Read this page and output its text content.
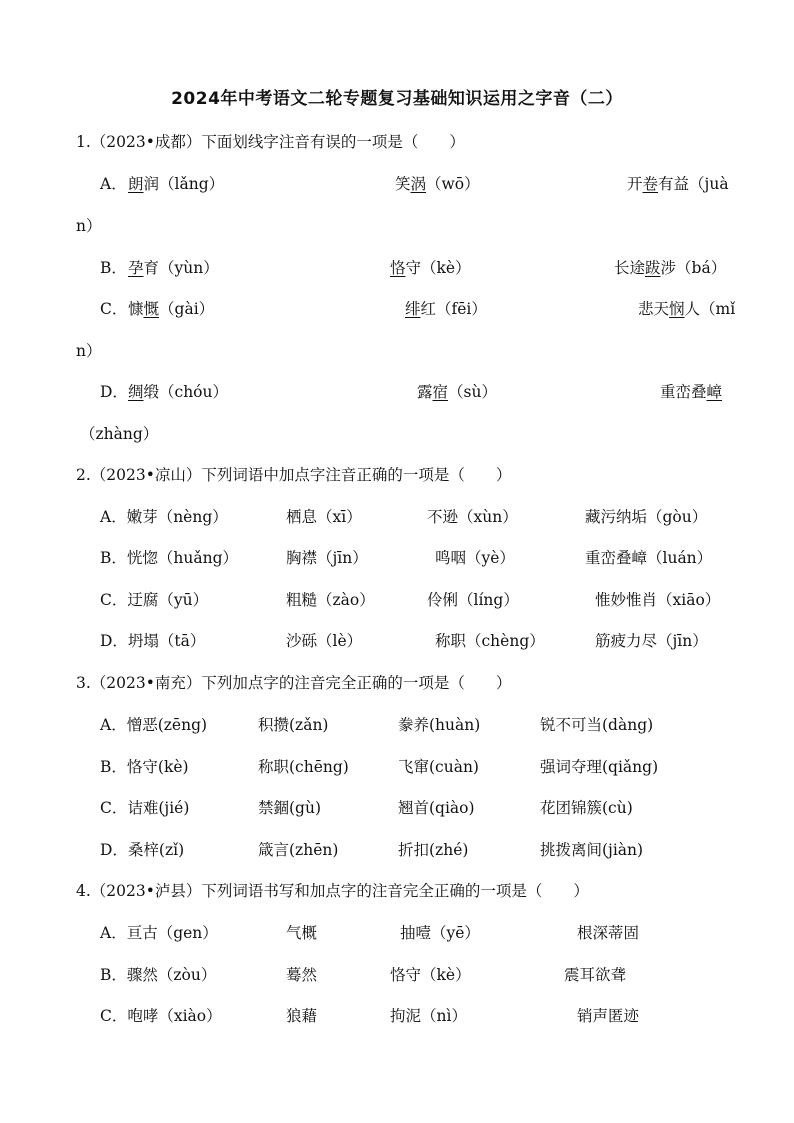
2024年中考语文二轮专题复习基础知识运用之字音（二）
1.（2023•成都）下面划线字注音有误的一项是（　　）
A． 朗润（lǎng）	笑涡（wō）	开卷有益（juà
n）
B． 孕育（yùn）	恪守（kè）	长途跋涉（bá）
C． 慷慨（gài）	绯红（fēi）	悲天悯人（mǐ
n）
D． 绸缎（chóu）	露宿（sù）	重峦叠嶂
（zhàng）
2.（2023•凉山）下列词语中加点字注音正确的一项是（　　）
A．嫩芽（nèng）	栖息（xī）	不逊（xùn）	藏污纳垢（gòu）
B．恍惚（huǎng）	胸襟（jīn）	鸣咽（yè）	重峦叠嶂（luán）
C．迂腐（yū）	粗糙（zào）	伶俐（líng）	惟妙惟肖（xiāo）
D．坍塌（tā）	沙砾（lè）	称职（chèng）	筋疲力尽（jīn）
3.（2023•南充）下列加点字的注音完全正确的一项是（　　）
A．憎恶(zēng)	积攒(zǎn)	豢养(huàn)	锐不可当(dàng)
B．恪守(kè)	称职(chēng)	飞窜(cuàn)	强词夺理(qiǎng)
C．诘难(jié)	禁錮(gù)	翘首(qiào)	花团锦簇(cù)
D．桑梓(zǐ)	箴言(zhēn)	折扣(zhé)	挑拨离间(jiàn)
4.（2023•泸县）下列词语书写和加点字的注音完全正确的一项是（　　）
A．亘古（gen）	气概	抽噎（yē）	根深蒂固
B．骤然（zòu）	蓦然	恪守（kè）	震耳欲聋
C．咆哮（xiào）	狼藉	拘泥（nì）	销声匿迹
